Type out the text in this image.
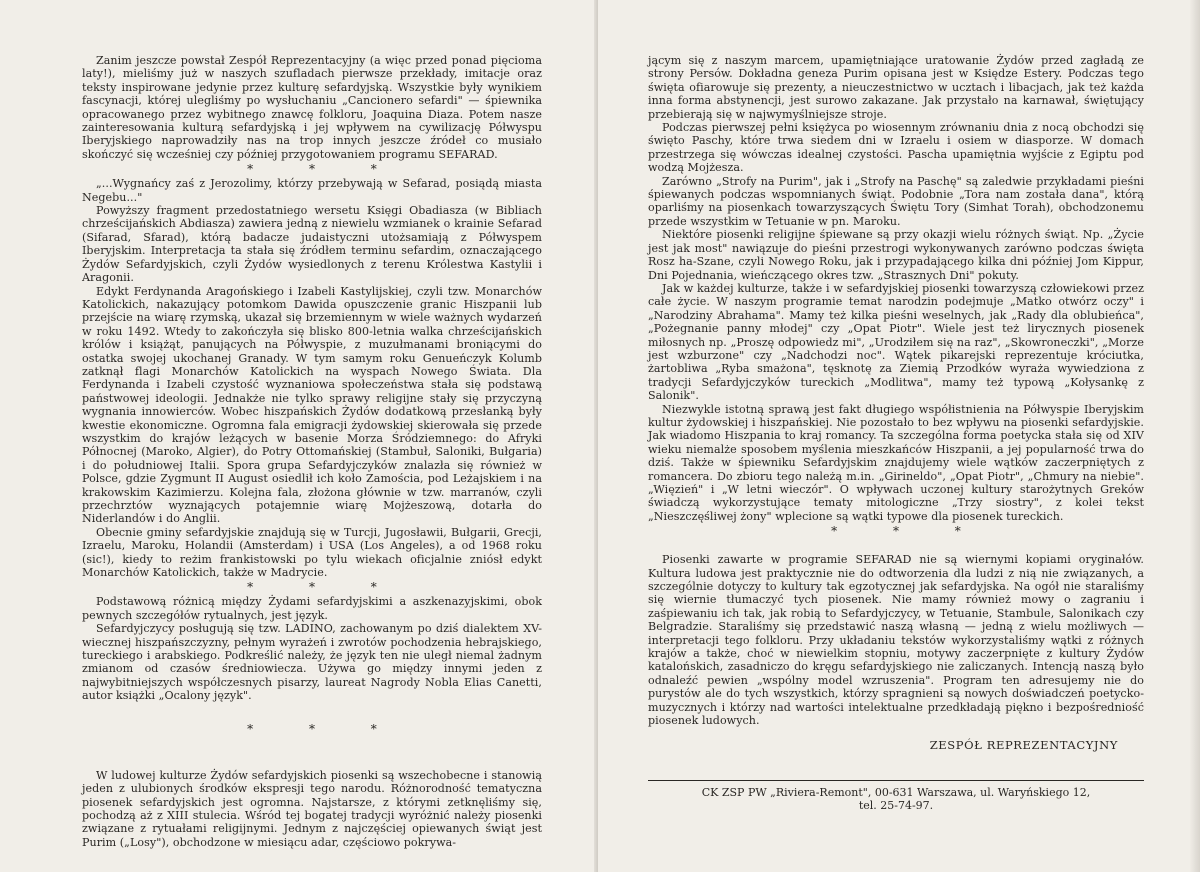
Zanim jeszcze powstał Zespół Reprezentacyjny (a więc przed ponad pięciomа laty!), mieliśmy już w naszych szufladach pierwsze przekłady, imitacje oraz teksty inspirowane jedynie przez kulturę sefardyjską. Wszystkie były wynikiem fascynacji, której ulegliśmy po wysłuchaniu „Cancionero sefardi" — śpiewnika opracowanego przez wybitnego znawcę folkloru, Joaquina Diaza. Potem nasze zainteresowania kulturą sefardyjską i jej wpływem na cywilizację Półwyspu Iberyjskiego naprowadziły nas na trop innych jeszcze źródeł co musiało skończyć się wcześniej czy później przygotowaniem programu SEFARAD.

* * *

„...Wygnańcy zaś z Jerozolimy, którzy przebywają w Sefarad, posiądą miasta Negebu..."

Powyższy fragment przedostatniego wersetu Księgi Obadiasza (w Bibliach chrześcijańskich Abdiasza) zawiera jedną z niewielu wzmianek o krainie Sefarad (Sifarad, Sfarad), którą badacze judaistyczni utożsamiają z Półwyspem Iberyjskim. Interpretacja ta stała się źródłem terminu sefardim, oznaczającego Żydów Sefardyjskich, czyli Żydów wysiedlonych z terenu Królestwa Kastylii i Aragonii.

Edykt Ferdynanda Aragońskiego i Izabeli Kastylijskiej, czyli tzw. Monarchów Katolickich, nakazujący potomkom Dawida opuszczenie granic Hiszpanii lub przejście na wiarę rzymską, ukazał się brzemiennym w wiele ważnych wydarzeń w roku 1492. Wtedy to zakończyła się blisko 800-letnia walka chrześcijańskich królów i książąt, panujących na Półwyspie, z muzułmanami broniącymi do ostatka swojej ukochanej Granady. W tym samym roku Genueńczyk Kolumb zatknął flagi Monarchów Katolickich na wyspach Nowego Świata. Dla Ferdynanda i Izabeli czystość wyznaniowa społeczeństwa stała się podstawą państwowej ideologii. Jednakże nie tylko sprawy religijne stały się przyczyną wygnania innowierców. Wobec hiszpańskich Żydów dodatkową przesłanką były kwestie ekonomiczne. Ogromna fala emigracji żydowskiej skierowała się przede wszystkim do krajów leżących w basenie Morza Śródziemnego: do Afryki Północnej (Maroko, Algier), do Potry Ottomańskiej (Stambuł, Saloniki, Bułgaria) i do południowej Italii. Spora grupa Sefardyjczyków znalazła się również w Polsce, gdzie Zygmunt II August osiedlił ich koło Zamościa, pod Leżajskiem i na krakowskim Kazimierzu. Kolejna fala, złożona głównie w tzw. marranów, czyli przechrztów wyznających potajemnie wiarę Mojżeszową, dotarła do Niderlandów i do Anglii.

Obecnie gminy sefardyjskie znajdują się w Turcji, Jugosławii, Bułgarii, Grecji, Izraelu, Maroku, Holandii (Amsterdam) i USA (Los Angeles), a od 1968 roku (sic!), kiedy to reżim frankistowski po tylu wiekach oficjalnie zniósł edykt Monarchów Katolickich, także w Madrycie.

* * *

Podstawową różnicą między Żydami sefardyjskimi a aszkenazyjskimi, obok pewnych szczegółów rytualnych, jest język.

Sefardyjczycy posługują się tzw. LADINO, zachowanym po dziś dialektem XV-wiecznej hiszpańszczyzny, pełnym wyrażeń i zwrotów pochodzenia hebrajskiego, tureckiego i arabskiego. Podkreślić należy, że język ten nie uległ niemal żadnym zmianom od czasów średniowiecza. Używa go między innymi jeden z najwybitniejszych współczesnych pisarzy, laureat Nagrody Nobla Elias Canetti, autor książki „Ocalony język".

* * *

W ludowej kulturze Żydów sefardyjskich piosenki są wszechobecne i stanowią jeden z ulubionych środków ekspresji tego narodu. Różnorodność tematyczna piosenek sefardyjskich jest ogromna. Najstarsze, z którymi zetknęliśmy się, pochodzą aż z XIII stulecia. Wśród tej bogatej tradycji wyróżnić należy piosenki związane z rytuałami religijnymi. Jednym z najczęściej opiewanych świąt jest Purim („Losy"), obchodzone w miesiącu adar, częściowo pokrywa-

jącym się z naszym marcem, upamiętniające uratowanie Żydów przed zagładą ze strony Persów. Dokładna geneza Purim opisana jest w Księdze Estery. Podczas tego święta ofiarowuje się prezenty, a nieuczestnictwo w ucztach i libacjach, jak też każda inna forma abstynencji, jest surowo zakazane. Jak przystało na karnawał, świętujący przebierają się w najwymyślniejsze stroje.

Podczas pierwszej pełni księżyca po wiosennym zrównaniu dnia z nocą obchodzi się święto Paschy, które trwa siedem dni w Izraelu i osiem w diasporze. W domach przestrzega się wówczas idealnej czystości. Pascha upamiętnia wyjście z Egiptu pod wodzą Mojżesza.

Zarówno „Strofy na Purim", jak i „Strofy na Paschę" są zaledwie przykładami pieśni śpiewanych podczas wspomnianych świąt. Podobnie „Tora nam została dana", którą oparliśmy na piosenkach towarzyszących Świętu Tory (Simhat Torah), obchodzonemu przede wszystkim w Tetuanie w pn. Maroku.

Niektóre piosenki religijne śpiewane są przy okazji wielu różnych świąt. Np. „Życie jest jak most" nawiązuje do pieśni przestrogi wykonywanych zarówno podczas święta Rosz ha-Szane, czyli Nowego Roku, jak i przypadającego kilka dni później Jom Kippur, Dni Pojednania, wieńczącego okres tzw. „Strasznych Dni" pokuty.

Jak w każdej kulturze, także i w sefardyjskiej piosenki towarzyszą człowiekowi przez całe życie. W naszym programie temat narodzin podejmuje „Matko otwórz oczy" i „Narodziny Abrahama". Mamy też kilka pieśni weselnych, jak „Rady dla oblubieńca", „Pożegnanie panny młodej" czy „Opat Piotr". Wiele jest też lirycznych piosenek miłosnych np. „Proszę odpowiedz mi", „Urodziłem się na raz", „Skowroneczki", „Morze jest wzburzone" czy „Nadchodzi noc". Wątek pikarejski reprezentuje króciutka, żartobliwa „Ryba smażona", tęsknotę za Ziemią Przodków wyraża wywiedziona z tradycji Sefardyjczyków tureckich „Modlitwa", mamy też typową „Kołysankę z Salonik".

Niezwykle istotną sprawą jest fakt długiego współistnienia na Półwyspie Iberyjskim kultur żydowskiej i hiszpańskiej. Nie pozostało to bez wpływu na piosenki sefardyjskie. Jak wiadomo Hiszpania to kraj romancy. Ta szczególna forma poetycka stała się od XIV wieku niemalże sposobem myślenia mieszkańców Hiszpanii, a jej popularność trwa do dziś. Także w śpiewniku Sefardyjskim znajdujemy wiele wątków zaczerpniętych z romancera. Do zbioru tego należą m.in. „Girineldo", „Opat Piotr", „Chmury na niebie". „Więzień" i „W letni wieczór". O wpływach uczonej kultury starożytnych Greków świadczą wykorzystujące tematy mitologiczne „Trzy siostry", z kolei tekst „Nieszczęśliwej żony" wplecione są wątki typowe dla piosenek tureckich.

* * *

Piosenki zawarte w programie SEFARAD nie są wiernymi kopiami oryginałów. Kultura ludowa jest praktycznie nie do odtworzenia dla ludzi z nią nie związanych, a szczególnie dotyczy to kultury tak egzotycznej jak sefardyjska. Na ogół nie staraliśmy się wiernie tłumaczyć tych piosenek. Nie mamy również mowy o zagraniu i zaśpiewaniu ich tak, jak robią to Sefardyjczycy, w Tetuanie, Stambule, Salonikach czy Belgradzie. Staraliśmy się przedstawić naszą własną — jedną z wielu możliwych — interpretacji tego folkloru. Przy układaniu tekstów wykorzystaliśmy wątki z różnych krajów a także, choć w niewielkim stopniu, motywy zaczerpnięte z kultury Żydów katalońskich, zasadniczo do kręgu sefardyjskiego nie zaliczanych. Intencją naszą było odnaleźć pewien „wspólny model wzruszenia". Program ten adresujemy nie do purystów ale do tych wszystkich, którzy spragnieni są nowych doświadczeń poetycko-muzycznych i którzy nad wartości intelektualne przedkładają piękno i bezpośredniość piosenek ludowych.

ZESPÓŁ REPREZENTACYJNY
CK ZSP PW „Riviera-Remont", 00-631 Warszawa, ul. Waryńskiego 12,
tel. 25-74-97.
